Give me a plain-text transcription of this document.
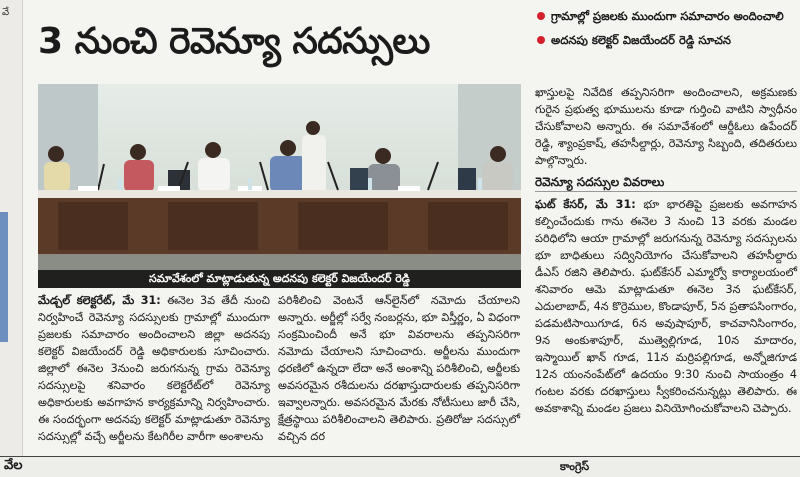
వే
3 నుంచి రెవెన్యూ సదస్సులు
గ్రామాల్లో ప్రజలకు ముందుగా సమాచారం అందించాలి
అదనపు కలెక్టర్ విజయేందర్ రెడ్డి సూచన
సమావేశంలో మాట్లాడుతున్న అదనపు కలెక్టర్ విజయేందర్ రెడ్డి

మేడ్చల్ కలెక్టరేట్, మే 31: ఈనెల 3వ తేదీ నుంచి నిర్వహించే రెవెన్యూ సదస్సులకు గ్రామాల్లో ముందుగా ప్రజలకు సమాచారం అందించాలని జిల్లా అదనపు కలెక్టర్ విజయేందర్ రెడ్డి అధికారులకు సూచించారు. జిల్లాలో ఈనెల 3నుంచి జరుగనున్న గ్రామ రెవెన్యూ సదస్సులపై శనివారం కలెక్టరేట్‌లో రెవెన్యూ అధికారులకు అవగాహన కార్యక్రమాన్ని నిర్వహించారు. ఈ సందర్భంగా అదనపు కలెక్టర్ మాట్లాడుతూ రెవెన్యూ సదస్సుల్లో వచ్చే అర్జీలను కేటగిరీల వారీగా అంశాలను

పరిశీలించి వెంటనే ఆన్‌లైన్‌లో నమోదు చేయాలని అన్నారు. అర్జీల్లో సర్వే నంబర్లను, భూ విస్తీర్ణం, ఏ విధంగా సంక్రమించిందీ అనే భూ వివరాలను తప్పనిసరిగా నమోదు చేయాలని సూచించారు. అర్జీలను ముందుగా ధరణిలో ఉన్నదా లేదా అనే అంశాన్ని పరిశీలించి, అర్జీలకు అవసరమైన రశీదులను దరఖాస్తుదారులకు తప్పనిసరిగా ఇవ్వాలన్నారు. అవసరమైన మేరకు నోటీసులు జారీ చేసి, క్షేత్రస్థాయి పరిశీలించాలని తెలిపారు. ప్రతిరోజు సదస్సులో వచ్చిన దర

ఖాస్తులపై నివేదిక తప్పనిసరిగా అందించాలని, అక్రమణకు గురైన ప్రభుత్వ భూములను కూడా గుర్తించి వాటిని స్వాధీనం చేసుకోవాలని అన్నారు. ఈ సమావేశంలో ఆర్డీఓలు ఉపేందర్ రెడ్డి, శ్యాంప్రకాష్, తహసీల్దార్లు, రెవెన్యూ సిబ్బంది, తదితరులు పాల్గొన్నారు.

రెవెన్యూ సదస్సుల వివరాలు

ఘట్ కేసర్, మే 31: భూ భారతిపై ప్రజలకు అవగాహన కల్పించేందుకు గాను ఈనెల 3 నుంచి 13 వరకు మండల పరిధిలోని ఆయా గ్రామాల్లో జరుగనున్న రెవెన్యూ సదస్సులను భూ బాధితులు సద్వినియోగం చేసుకోవాలని తహసీల్దారు డీఎస్ రజిని తెలిపారు. ఘట్‌కేసర్ ఎమ్మార్వో కార్యాలయంలో శనివారం ఆమె మాట్లాడుతూ ఈనెల 3న ఘట్‌కేసర్, ఎదులాబాద్, 4న కొర్రెముల, కొండాపూర్, 5న ప్రతాపసింగారం, పడమటిసాయిగూడ, 6న అవుషాపూర్, కాచవానిసింగారం, 9న అంకుశాపూర్, ముత్వెల్లిగూడ, 10న మాదారం, ఇస్మాయిల్ ఖాన్ గూడ, 11న మర్రిపల్లిగూడ, అన్నోజిగూడ 12న యంనంపేట్‌లో ఉదయం 9:30 నుంచి సాయంత్రం 4 గంటల వరకు దరఖాస్తులు స్వీకరించనున్నట్లు తెలిపారు. ఈ అవకాశాన్ని మండల ప్రజలు వినియోగించుకోవాలని చెప్పారు.

వేల	కాంగ్రెస్
